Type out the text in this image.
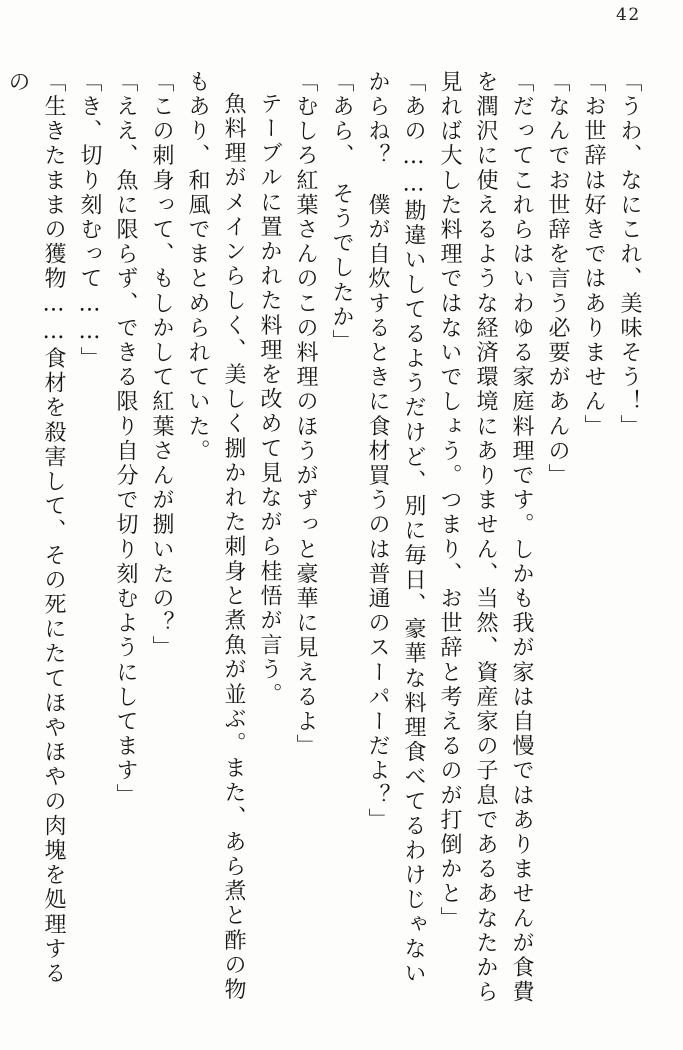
42

「うわ、なにこれ、美味そう！」

「お世辞は好きではありません」

「なんでお世辞を言う必要があんの」

「だってこれらはいわゆる家庭料理です。しかも我が家は自慢ではありませんが食費を潤沢に使えるような経済環境にありません、当然、資産家の子息であるあなたから見れば大した料理ではないでしょう。つまり、お世辞と考えるのが打倒かと」

「あの……勘違いしてるようだけど、別に毎日、豪華な料理食べてるわけじゃないからね？　僕が自炊するときに食材買うのは普通のスーパーだよ？」

「あら、　そうでしたか」

「むしろ紅葉さんのこの料理のほうがずっと豪華に見えるよ」

テーブルに置かれた料理を改めて見ながら桂悟が言う。

魚料理がメインらしく、美しく捌かれた刺身と煮魚が並ぶ。また、あら煮と酢の物もあり、和風でまとめられていた。

「この刺身って、もしかして紅葉さんが捌いたの？」

「ええ、魚に限らず、できる限り自分で切り刻むようにしてます」

「き、切り刻むって……」

「生きたままの獲物……食材を殺害して、その死にたてほやほやの肉塊を処理するの
